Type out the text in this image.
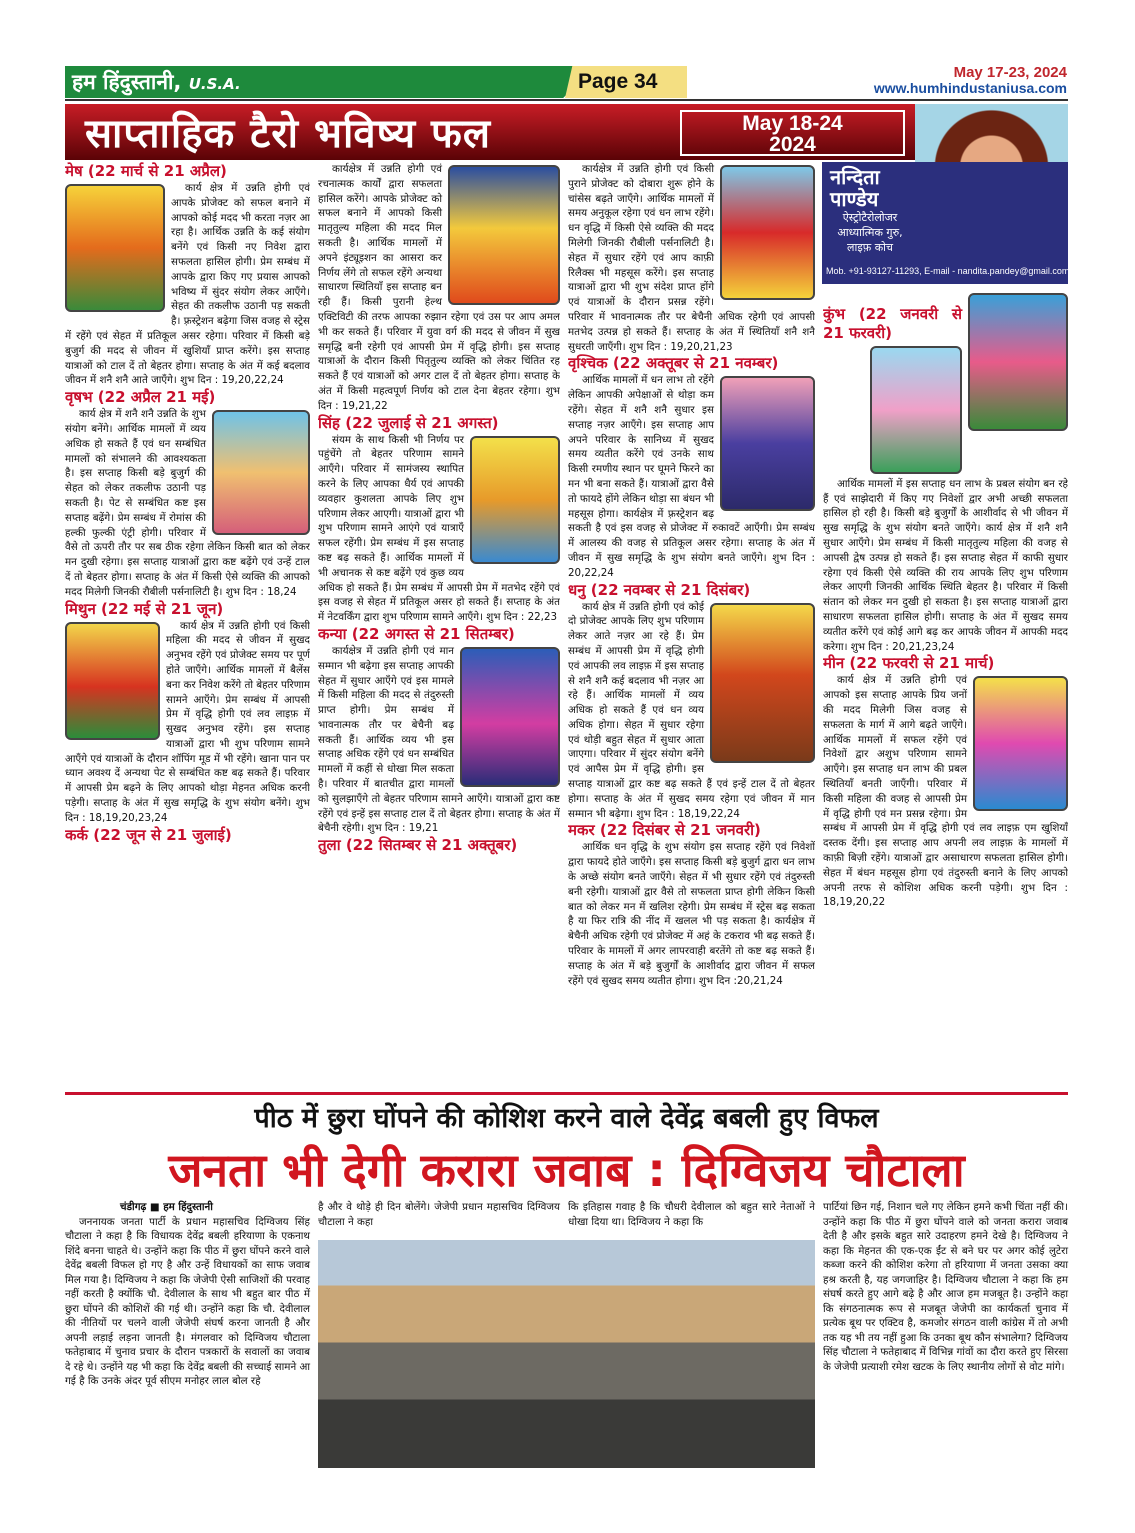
हम हिंदुस्तानी, U.S.A.	Page 34	May 17-23, 2024
www.humhindustaniusa.com
साप्ताहिक टैरो भविष्य फल	May 18-24
2024
नन्दिता
पाण्डेय
ऐस्ट्रोटैरोलोजर आध्यात्मिक गुरु, लाइफ़ कोच
Mob. +91-93127-11293, E-mail - nandita.pandey@gmail.com

मेष (22 मार्च से 21 अप्रैल)

कार्य क्षेत्र में उन्नति होगी एवं आपके प्रोजेक्ट को सफल बनाने में आपको कोई मदद भी करता नज़र आ रहा है। आर्थिक उन्नति के कई संयोग बनेंगे एवं किसी नए निवेश द्वारा सफलता हासिल होगी। प्रेम सम्बंध में आपके द्वारा किए गए प्रयास आपको भविष्य में सुंदर संयोग लेकर आएँगे। सेहत की तकलीफ उठानी पड़ सकती है। फ़्रस्ट्रेशन बढ़ेगा जिस वजह से स्ट्रेस में रहेंगे एवं सेहत में प्रतिकूल असर रहेगा। परिवार में किसी बड़े बुजुर्ग की मदद से जीवन में खुशियाँ प्राप्त करेंगे। इस सप्ताह यात्राओं को टाल दें तो बेहतर होगा। सप्ताह के अंत में कई बदलाव जीवन में शनै शनै आते जाएँगे। शुभ दिन : 19,20,22,24

वृषभ (22 अप्रैल 21 मई)

कार्य क्षेत्र में शनै शनै उन्नति के शुभ संयोग बनेंगे। आर्थिक मामलों में व्यय अधिक हो सकते हैं एवं धन सम्बंधित मामलों को संभालने की आवश्यकता है। इस सप्ताह किसी बड़े बुजुर्ग की सेहत को लेकर तकलीफ उठानी पड़ सकती है। पेट से सम्बंधित कष्ट इस सप्ताह बढ़ेंगे। प्रेम सम्बंध में रोमांस की हल्की फुल्की एंट्री होगी। परिवार में वैसे तो ऊपरी तौर पर सब ठीक रहेगा लेकिन किसी बात को लेकर मन दुखी रहेगा। इस सप्ताह यात्राओं द्वारा कष्ट बढ़ेंगे एवं उन्हें टाल दें तो बेहतर होगा। सप्ताह के अंत में किसी ऐसे व्यक्ति की आपको मदद मिलेगी जिनकी रौबीली पर्सनालिटी है। शुभ दिन : 18,24

मिथुन (22 मई से 21 जून)

कार्य क्षेत्र में उन्नति होगी एवं किसी महिला की मदद से जीवन में सुखद अनुभव रहेंगे एवं प्रोजेक्ट समय पर पूर्ण होते जाएँगे। आर्थिक मामलों में बैलेंस बना कर निवेश करेंगे तो बेहतर परिणाम सामने आएँगे। प्रेम सम्बंध में आपसी प्रेम में वृद्धि होगी एवं लव लाइफ़ में सुखद अनुभव रहेंगे। इस सप्ताह यात्राओं द्वारा भी शुभ परिणाम सामने आएँगे एवं यात्राओं के दौरान शॉपिंग मूड में भी रहेंगे। खाना पान पर ध्यान अवश्य दें अन्यथा पेट से सम्बंधित कष्ट बढ़ सकते हैं। परिवार में आपसी प्रेम बढ़ने के लिए आपको थोड़ा मेहनत अधिक करनी पड़ेगी। सप्ताह के अंत में सुख समृद्धि के शुभ संयोग बनेंगे। शुभ दिन : 18,19,20,23,24

कर्क (22 जून से 21 जुलाई)

कार्यक्षेत्र में उन्नति होगी एवं रचनात्मक कार्यों द्वारा सफलता हासिल करेंगे। आपके प्रोजेक्ट को सफल बनाने में आपको किसी मातृतुल्य महिला की मदद मिल सकती है। आर्थिक मामलों में अपने इंट्यूइशन का आसरा कर निर्णय लेंगे तो सफल रहेंगे अन्यथा साधारण स्थितियाँ इस सप्ताह बन रही हैं। किसी पुरानी हेल्थ एक्टिविटी की तरफ आपका रुझान रहेगा एवं उस पर आप अमल भी कर सकते हैं। परिवार में युवा वर्ग की मदद से जीवन में सुख समृद्धि बनी रहेगी एवं आपसी प्रेम में वृद्धि होगी। इस सप्ताह यात्राओं के दौरान किसी पितृतुल्य व्यक्ति को लेकर चिंतित रह सकते हैं एवं यात्राओं को अगर टाल दें तो बेहतर होगा। सप्ताह के अंत में किसी महत्वपूर्ण निर्णय को टाल देना बेहतर रहेगा। शुभ दिन : 19,21,22

सिंह (22 जुलाई से 21 अगस्त)

संयम के साथ किसी भी निर्णय पर पहुंचेंगे तो बेहतर परिणाम सामने आएँगे। परिवार में सामंजस्य स्थापित करने के लिए आपका धैर्य एवं आपकी व्यवहार कुशलता आपके लिए शुभ परिणाम लेकर आएगी। यात्राओं द्वारा भी शुभ परिणाम सामने आएंगे एवं यात्राएँ सफल रहेंगी। प्रेम सम्बंध में इस सप्ताह कष्ट बढ़ सकते हैं। आर्थिक मामलों में भी अचानक से कष्ट बढ़ेंगे एवं कुछ व्यय अधिक हो सकते हैं। प्रेम सम्बंध में आपसी प्रेम में मतभेद रहेंगे एवं इस वजह से सेहत में प्रतिकूल असर हो सकते हैं। सप्ताह के अंत में नेटवर्किंग द्वारा शुभ परिणाम सामने आएँगे। शुभ दिन : 22,23

कन्या (22 अगस्त से 21 सितम्बर)

कार्यक्षेत्र में उन्नति होगी एवं मान सम्मान भी बढ़ेगा इस सप्ताह आपकी सेहत में सुधार आएँगे एवं इस मामले में किसी महिला की मदद से तंदुरुस्ती प्राप्त होगी। प्रेम सम्बंध में भावनात्मक तौर पर बेचैनी बढ़ सकती हैं। आर्थिक व्यय भी इस सप्ताह अधिक रहेंगे एवं धन सम्बंधित मामलों में कहीं से धोखा मिल सकता है। परिवार में बातचीत द्वारा मामलों को सुलझाएँगे तो बेहतर परिणाम सामने आएँगे। यात्राओं द्वारा कष्ट रहेंगे एवं इन्हें इस सप्ताह टाल दें तो बेहतर होगा। सप्ताह के अंत में बेचैनी रहेगी। शुभ दिन : 19,21

तुला (22 सितम्बर से 21 अक्तूबर)

कार्यक्षेत्र में उन्नति होगी एवं किसी पुराने प्रोजेक्ट को दोबारा शुरू होने के चांसेस बढ़ते जाएँगे। आर्थिक मामलों में समय अनुकूल रहेगा एवं धन लाभ रहेंगे। धन वृद्धि में किसी ऐसे व्यक्ति की मदद मिलेगी जिनकी रौबीली पर्सनालिटी है। सेहत में सुधार रहेंगे एवं आप काफ़ी रिलैक्स भी महसूस करेंगे। इस सप्ताह यात्राओं द्वारा भी शुभ संदेश प्राप्त होंगे एवं यात्राओं के दौरान प्रसन्न रहेंगे। परिवार में भावनात्मक तौर पर बेचैनी अधिक रहेगी एवं आपसी मतभेद उत्पन्न हो सकते हैं। सप्ताह के अंत में स्थितियाँ शनै शनै सुधरती जाएँगी। शुभ दिन : 19,20,21,23

वृश्चिक (22 अक्तूबर से 21 नवम्बर)

आर्थिक मामलों में धन लाभ तो रहेंगे लेकिन आपकी अपेक्षाओं से थोड़ा कम रहेंगे। सेहत में शनै शनै सुधार इस सप्ताह नज़र आएँगे। इस सप्ताह आप अपने परिवार के सानिध्य में सुखद समय व्यतीत करेंगे एवं उनके साथ किसी रमणीय स्थान पर घूमने फिरने का मन भी बना सकते हैं। यात्राओं द्वारा वैसे तो फायदे होंगे लेकिन थोड़ा सा बंधन भी महसूस होगा। कार्यक्षेत्र में फ़्रस्ट्रेशन बढ़ सकती है एवं इस वजह से प्रोजेक्ट में रुकावटें आएँगी। प्रेम सम्बंध में आलस्य की वजह से प्रतिकूल असर रहेगा। सप्ताह के अंत में जीवन में सुख समृद्धि के शुभ संयोग बनते जाएँगे। शुभ दिन : 20,22,24

धनु (22 नवम्बर से 21 दिसंबर)

कार्य क्षेत्र में उन्नति होगी एवं कोई दो प्रोजेक्ट आपके लिए शुभ परिणाम लेकर आते नज़र आ रहे हैं। प्रेम सम्बंध में आपसी प्रेम में वृद्धि होगी एवं आपकी लव लाइफ़ में इस सप्ताह से शनै शनै कई बदलाव भी नज़र आ रहे हैं। आर्थिक मामलों में व्यय अधिक हो सकते हैं एवं धन व्यय अधिक होगा। सेहत में सुधार रहेगा एवं थोड़ी बहुत सेहत में सुधार आता जाएगा। परिवार में सुंदर संयोग बनेंगे एवं आपैस प्रेम में वृद्धि होगी। इस सप्ताह यात्राओं द्वार कष्ट बढ़ सकते हैं एवं इन्हें टाल दें तो बेहतर होगा। सप्ताह के अंत में सुखद समय रहेगा एवं जीवन में मान सम्मान भी बढ़ेगा। शुभ दिन : 18,19,22,24

मकर (22 दिसंबर से 21 जनवरी)

आर्थिक धन वृद्धि के शुभ संयोग इस सप्ताह रहेंगे एवं निवेशों द्वारा फायदे होते जाएँगे। इस सप्ताह किसी बड़े बुजुर्ग द्वारा धन लाभ के अच्छे संयोग बनते जाएँगे। सेहत में भी सुधार रहेंगे एवं तंदुरुस्ती बनी रहेगी। यात्राओं द्वार वैसे तो सफलता प्राप्त होगी लेकिन किसी बात को लेकर मन में खलिश रहेगी। प्रेम सम्बंध में स्ट्रेस बढ़ सकता है या फिर रात्रि की नींद में खलल भी पड़ सकता है। कार्यक्षेत्र में बेचैनी अधिक रहेगी एवं प्रोजेक्ट में अहं के टकराव भी बढ़ सकते हैं। परिवार के मामलों में अगर लापरवाही बरतेंगे तो कष्ट बढ़ सकते हैं। सप्ताह के अंत में बड़े बुजुर्गों के आशीर्वाद द्वारा जीवन में सफल रहेंगे एवं सुखद समय व्यतीत होगा। शुभ दिन :20,21,24

कुंभ (22 जनवरी से 21 फरवरी)

आर्थिक मामलों में इस सप्ताह धन लाभ के प्रबल संयोग बन रहे हैं एवं साझेदारी में किए गए निवेशों द्वार अभी अच्छी सफलता हासिल हो रही है। किसी बड़े बुजुर्गों के आशीर्वाद से भी जीवन में सुख समृद्धि के शुभ संयोग बनते जाएँगे। कार्य क्षेत्र में शनै शनै सुधार आएँगे। प्रेम सम्बंध में किसी मातृतुल्य महिला की वजह से आपसी द्वेष उत्पन्न हो सकते हैं। इस सप्ताह सेहत में काफी सुधार रहेगा एवं किसी ऐसे व्यक्ति की राय आपके लिए शुभ परिणाम लेकर आएगी जिनकी आर्थिक स्थिति बेहतर है। परिवार में किसी संतान को लेकर मन दुखी हो सकता है। इस सप्ताह यात्राओं द्वारा साधारण सफलता हासिल होगी। सप्ताह के अंत में सुखद समय व्यतीत करेंगे एवं कोई आगे बढ़ कर आपके जीवन में आपकी मदद करेगा। शुभ दिन : 20,21,23,24

मीन (22 फरवरी से 21 मार्च)

कार्य क्षेत्र में उन्नति होगी एवं आपको इस सप्ताह आपके प्रिय जनों की मदद मिलेगी जिस वजह से सफलता के मार्ग में आगे बढ़ते जाएँगे। आर्थिक मामलों में सफल रहेंगे एवं निवेशों द्वार अशुभ परिणाम सामने आएँगे। इस सप्ताह धन लाभ की प्रबल स्थितियाँ बनती जाएँगी। परिवार में किसी महिला की वजह से आपसी प्रेम में वृद्धि होगी एवं मन प्रसन्न रहेगा। प्रेम सम्बंध में आपसी प्रेम में वृद्धि होगी एवं लव लाइफ़ एम खुशियाँ दस्तक देंगी। इस सप्ताह आप अपनी लव लाइफ़ के मामलों में काफ़ी बिज़ी रहेंगे। यात्राओं द्वार असाधारण सफलता हासिल होगी। सेहत में बंधन महसूस होगा एवं तंदुरुस्ती बनाने के लिए आपको अपनी तरफ से कोशिश अधिक करनी पड़ेगी। शुभ दिन : 18,19,20,22

पीठ में छुरा घोंपने की कोशिश करने वाले देवेंद्र बबली हुए विफल
जनता भी देगी करारा जवाब : दिग्विजय चौटाला
चंडीगढ़ ■ हम हिंदुस्तानी

जननायक जनता पार्टी के प्रधान महासचिव दिग्विजय सिंह चौटाला ने कहा है कि विधायक देवेंद्र बबली हरियाणा के एकनाथ शिंदे बनना चाहते थे। उन्होंने कहा कि पीठ में छुरा घोंपने करने वाले देवेंद्र बबली विफल हो गए है और उन्हें विधायकों का साफ जवाब मिल गया है। दिग्विजय ने कहा कि जेजेपी ऐसी साजिशों की परवाह नहीं करती है क्योंकि चौ. देवीलाल के साथ भी बहुत बार पीठ में छुरा घोंपने की कोशिशें की गई थी। उन्होंने कहा कि चौ. देवीलाल की नीतियों पर चलने वाली जेजेपी संघर्ष करना जानती है और अपनी लड़ाई लड़ना जानती है। मंगलवार को दिग्विजय चौटाला फतेहाबाद में चुनाव प्रचार के दौरान पत्रकारों के सवालों का जवाब दे रहे थे। उन्होंने यह भी कहा कि देवेंद्र बबली की सच्चाई सामने आ गई है कि उनके अंदर पूर्व सीएम मनोहर लाल बोल रहे

है और वे थोड़े ही दिन बोलेंगे। जेजेपी प्रधान महासचिव दिग्विजय चौटाला ने कहा
कि इतिहास गवाह है कि चौधरी देवीलाल को बहुत सारे नेताओं ने धोखा दिया था। दिग्विजय ने कहा कि
पार्टियां छिन गई, निशान चले गए लेकिन हमने कभी चिंता नहीं की। उन्होंने कहा कि पीठ में छुरा घोंपने वाले को जनता करारा जवाब देती है और इसके बहुत सारे उदाहरण हमने देखे है। दिग्विजय ने कहा कि मेहनत की एक-एक ईंट से बने घर पर अगर कोई लुटेरा कब्जा करने की कोशिश करेगा तो हरियाणा में जनता उसका क्या हश्र करती है, यह जगजाहिर है। दिग्विजय चौटाला ने कहा कि हम संघर्ष करते हुए आगे बढ़े है और आज हम मजबूत है। उन्होंने कहा कि संगठनात्मक रूप से मजबूत जेजेपी का कार्यकर्ता चुनाव में प्रत्येक बूथ पर एक्टिव है, कमजोर संगठन वाली कांग्रेस में तो अभी तक यह भी तय नहीं हुआ कि उनका बूथ कौन संभालेगा? दिग्विजय सिंह चौटाला ने फतेहाबाद में विभिन्न गांवों का दौरा करते हुए सिरसा के जेजेपी प्रत्याशी रमेश खटक के लिए स्थानीय लोगों से वोट मांगे।
